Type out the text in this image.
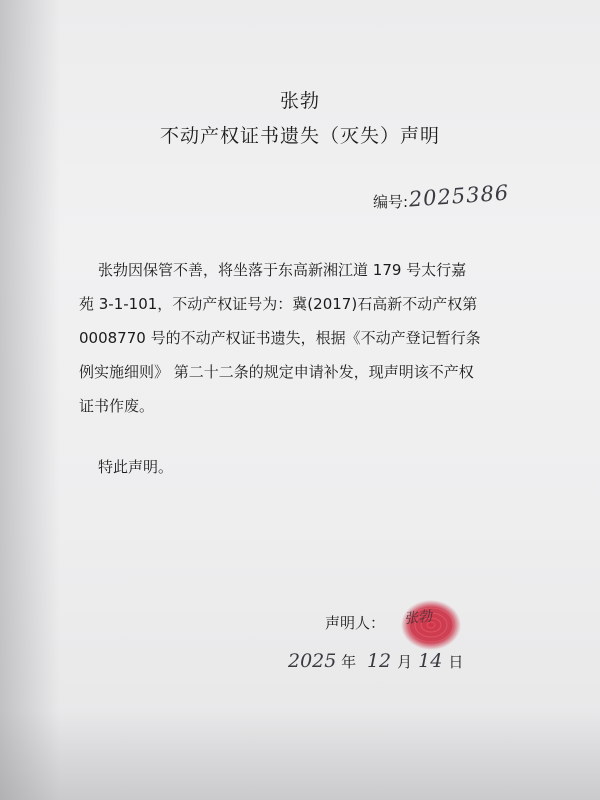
张勃
不动产权证书遗失（灭失）声明
编号:2025386
张勃因保管不善，将坐落于东高新湘江道 179 号太行嘉
苑 3-1-101，不动产权证号为：冀(2017)石高新不动产权第
0008770 号的不动产权证书遗失，根据《不动产登记暂行条
例实施细则》 第二十二条的规定申请补发，现声明该不产权
证书作废。
特此声明。
声明人： 张勃
2025 年 12 月 14 日
